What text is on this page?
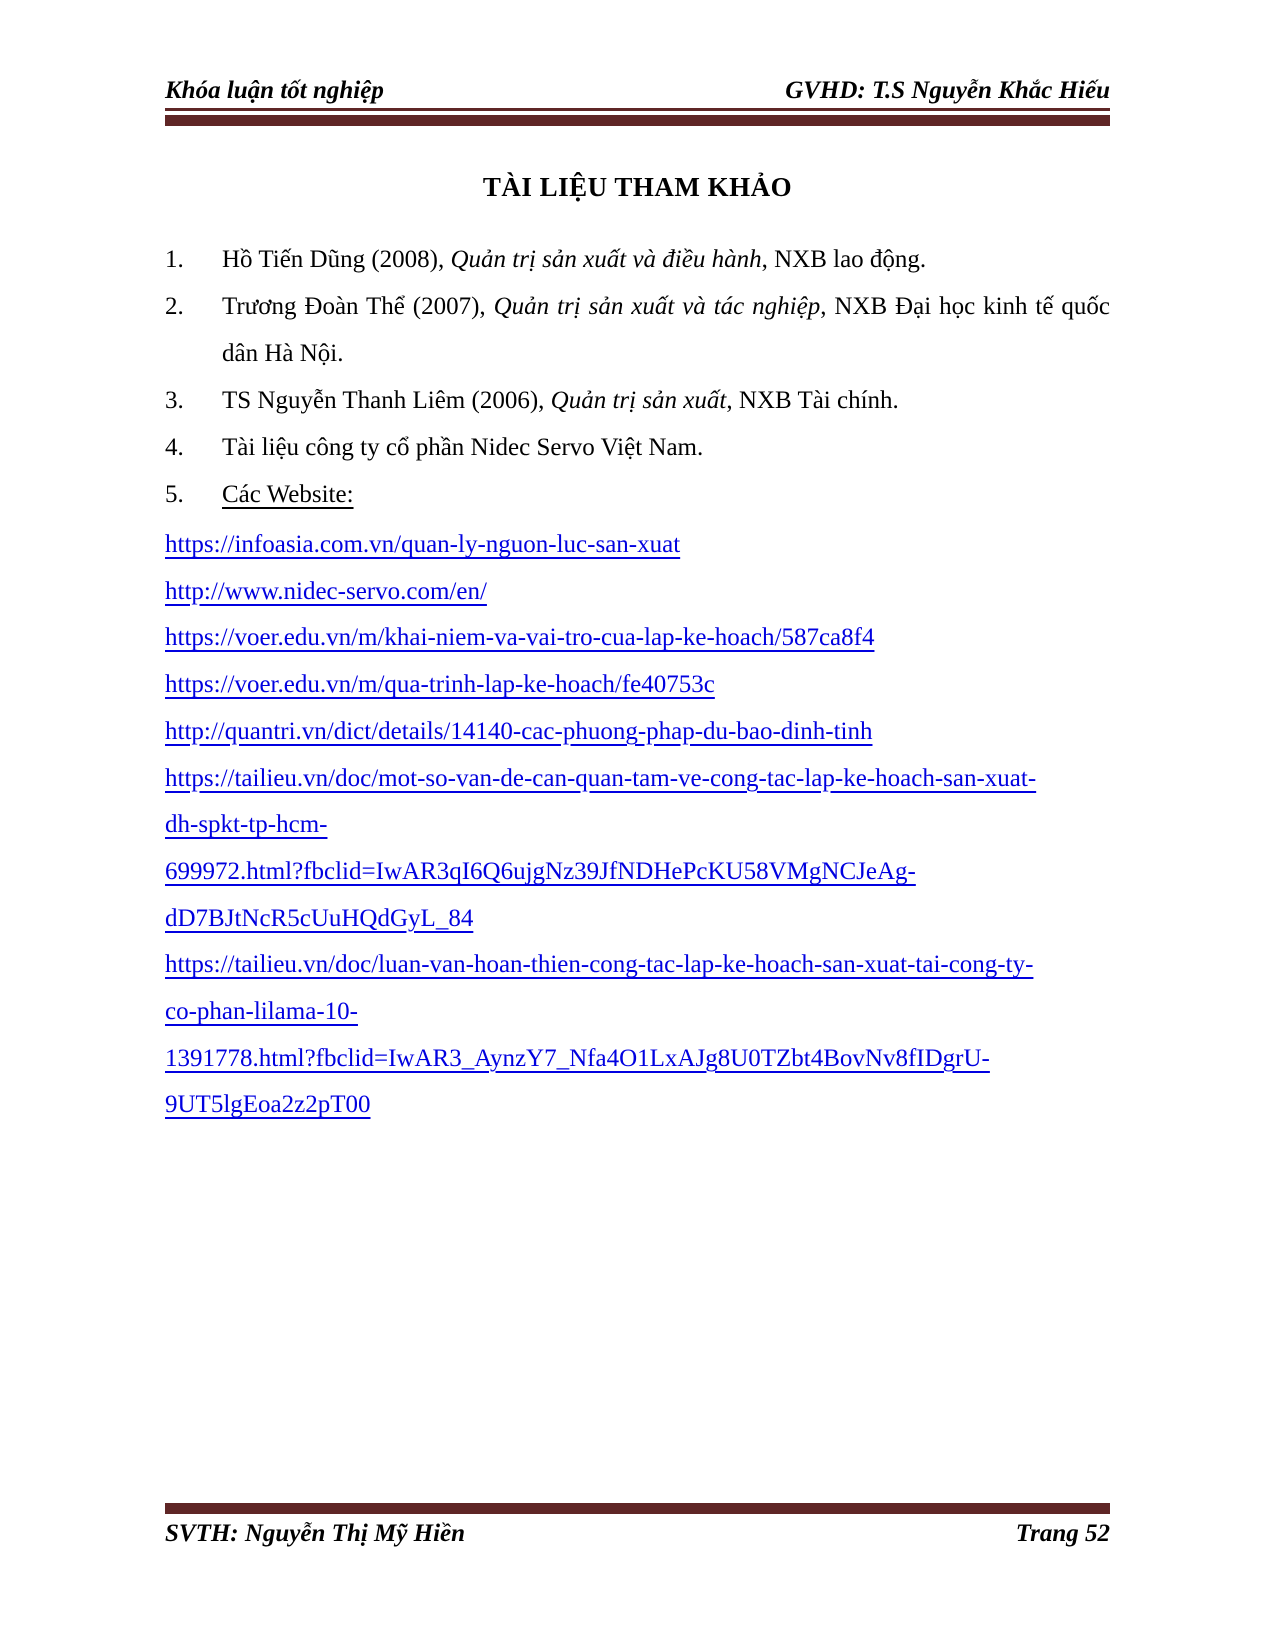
Khóa luận tốt nghiệp	GVHD: T.S Nguyễn Khắc Hiếu
TÀI LIỆU THAM KHẢO
1.	Hồ Tiến Dũng (2008), Quản trị sản xuất và điều hành, NXB lao động.
2.	Trương Đoàn Thể (2007), Quản trị sản xuất và tác nghiệp, NXB Đại học kinh tế quốc dân Hà Nội.
3.	TS Nguyễn Thanh Liêm (2006), Quản trị sản xuất, NXB Tài chính.
4.	Tài liệu công ty cổ phần Nidec Servo Việt Nam.
5.	Các Website:
https://infoasia.com.vn/quan-ly-nguon-luc-san-xuat
http://www.nidec-servo.com/en/
https://voer.edu.vn/m/khai-niem-va-vai-tro-cua-lap-ke-hoach/587ca8f4
https://voer.edu.vn/m/qua-trinh-lap-ke-hoach/fe40753c
http://quantri.vn/dict/details/14140-cac-phuong-phap-du-bao-dinh-tinh
https://tailieu.vn/doc/mot-so-van-de-can-quan-tam-ve-cong-tac-lap-ke-hoach-san-xuat-
dh-spkt-tp-hcm-
699972.html?fbclid=IwAR3qI6Q6ujgNz39JfNDHePcKU58VMgNCJeAg-
dD7BJtNcR5cUuHQdGyL_84
https://tailieu.vn/doc/luan-van-hoan-thien-cong-tac-lap-ke-hoach-san-xuat-tai-cong-ty-
co-phan-lilama-10-
1391778.html?fbclid=IwAR3_AynzY7_Nfa4O1LxAJg8U0TZbt4BovNv8fIDgrU-
9UT5lgEoa2z2pT00
SVTH: Nguyễn Thị Mỹ Hiền	Trang 52
